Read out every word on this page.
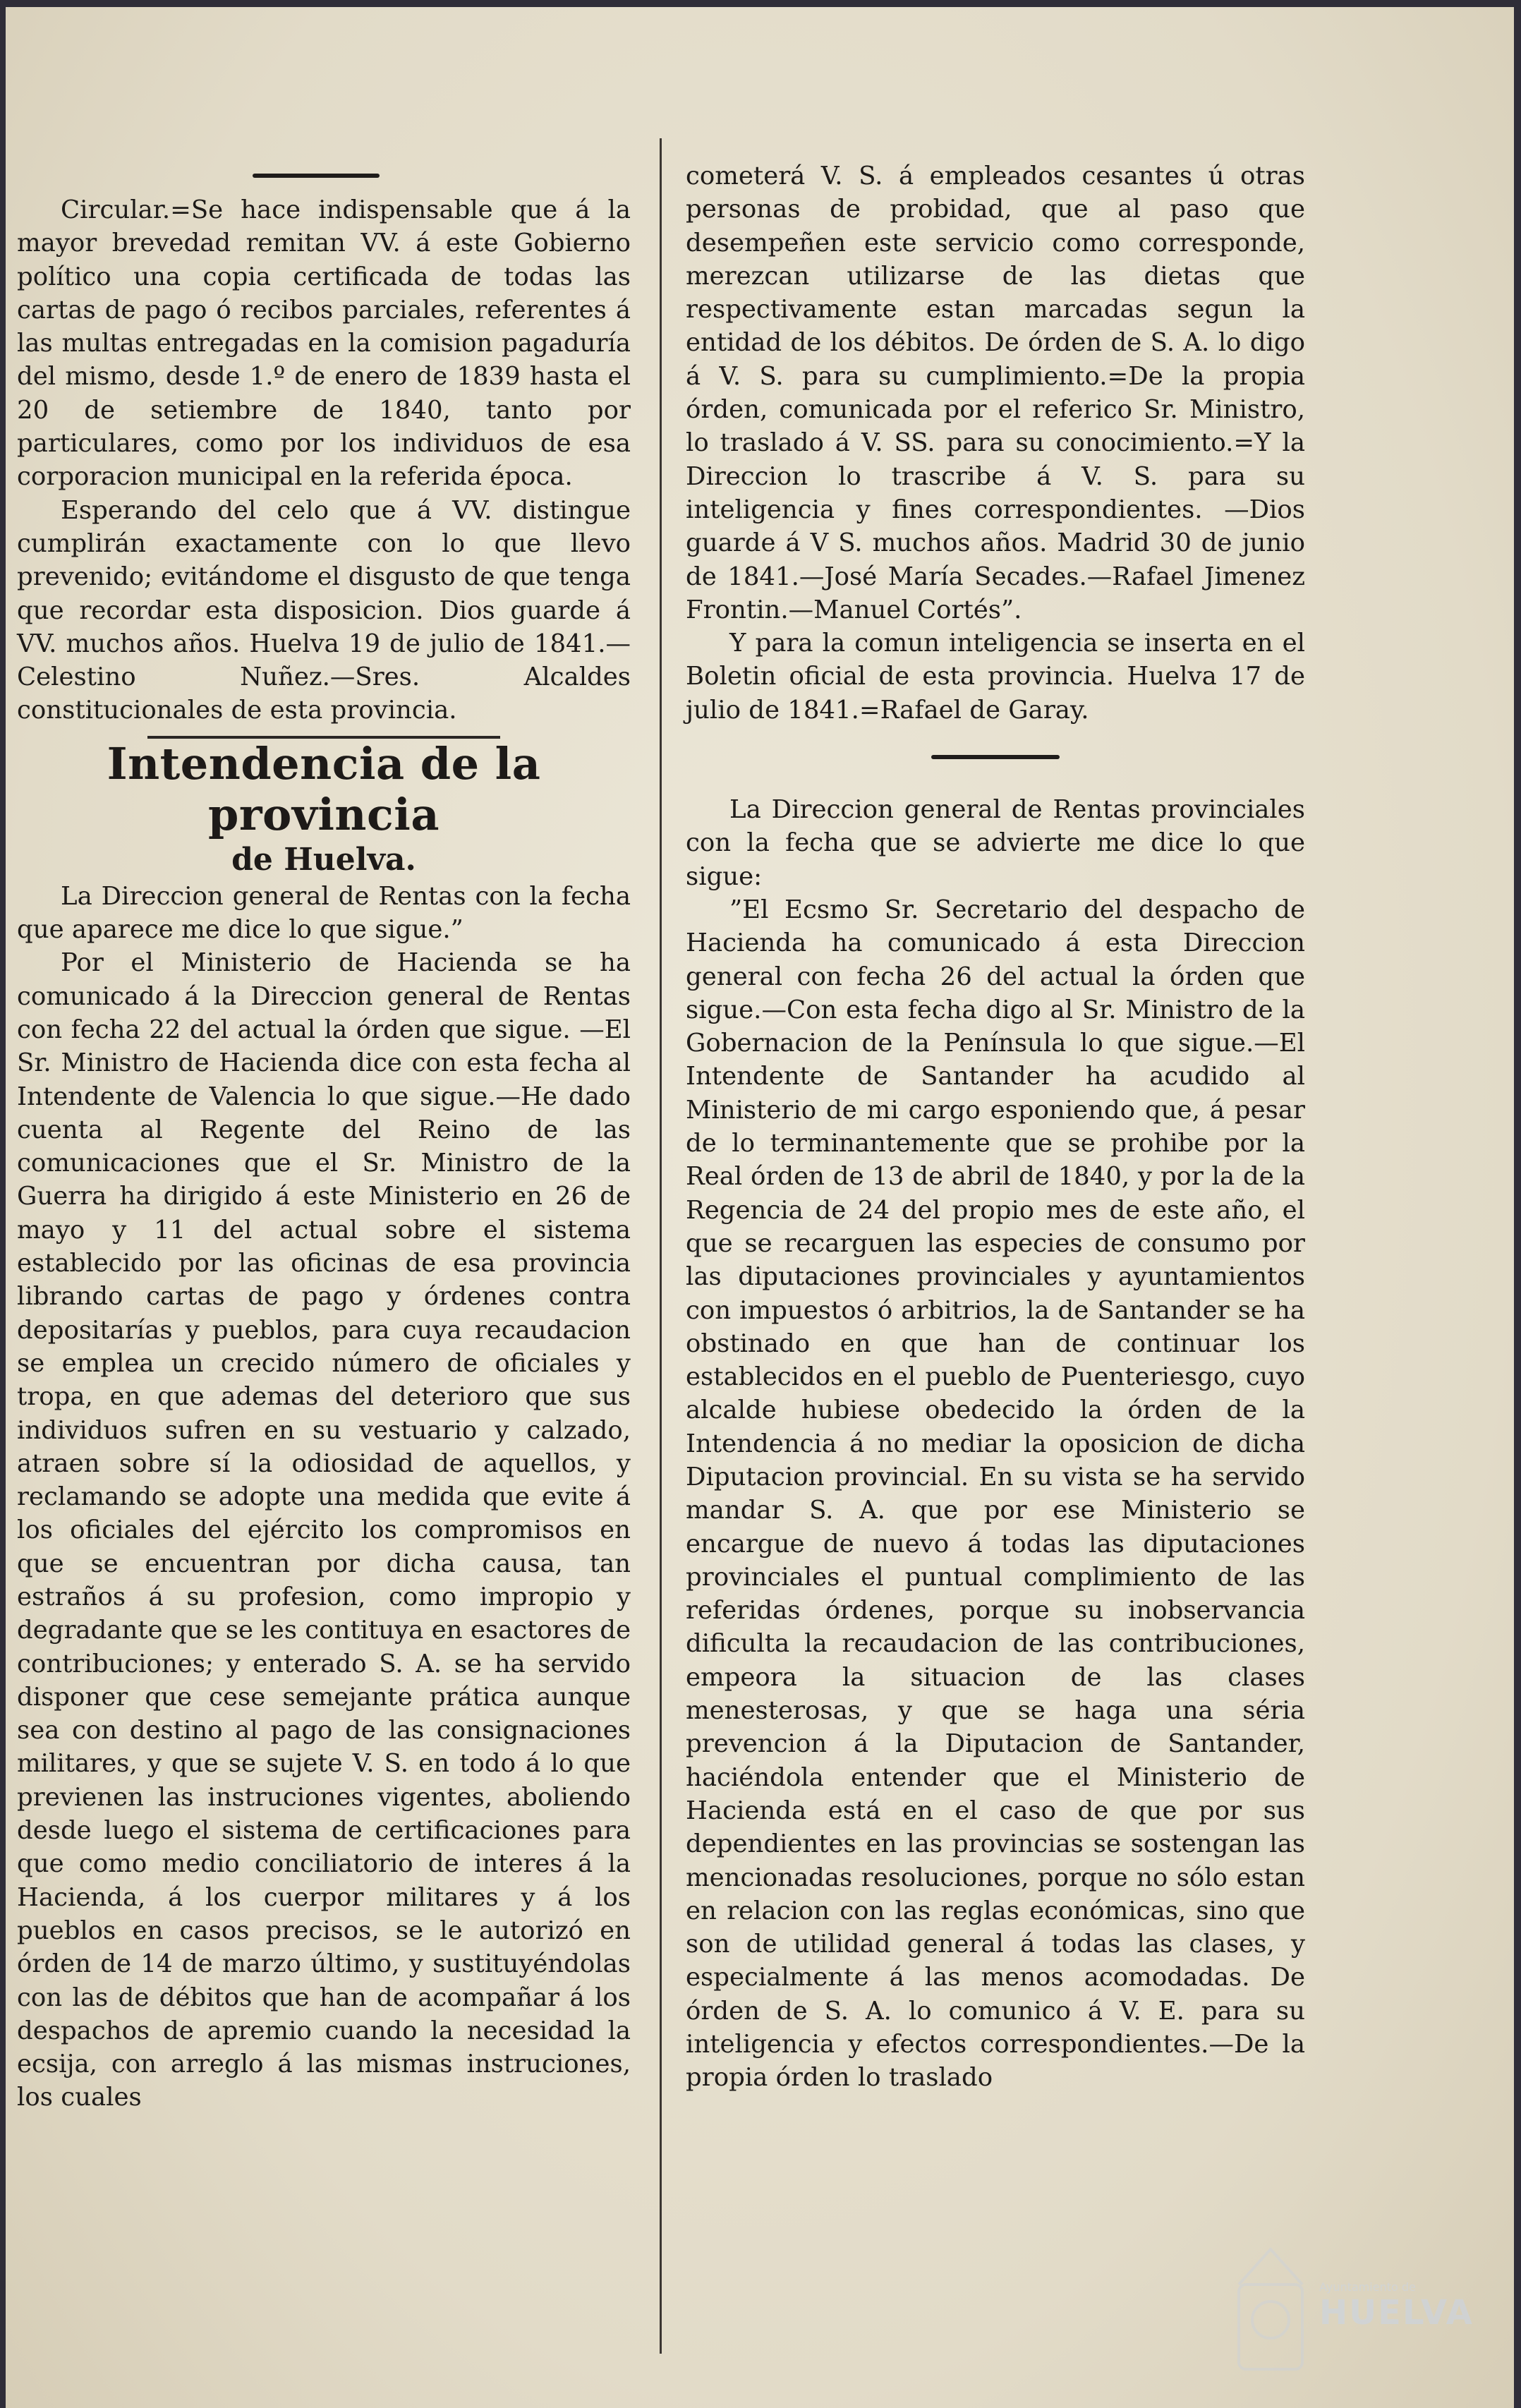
Circular.=Se hace indispensable que á la mayor brevedad remitan VV. á este Gobierno político una copia certificada de todas las cartas de pago ó recibos parciales, referentes á las multas entregadas en la comision pagaduría del mismo, desde 1.º de enero de 1839 hasta el 20 de setiembre de 1840, tanto por particulares, como por los individuos de esa corporacion municipal en la referida época.

Esperando del celo que á VV. distingue cumplirán exactamente con lo que llevo prevenido; evitándome el disgusto de que tenga que recordar esta disposicion. Dios guarde á VV. muchos años. Huelva 19 de julio de 1841.—Celestino Nuñez.—Sres. Alcaldes constitucionales de esta provincia.

Intendencia de la provincia

de Huelva.

La Direccion general de Rentas con la fecha que aparece me dice lo que sigue.”

Por el Ministerio de Hacienda se ha comunicado á la Direccion general de Rentas con fecha 22 del actual la órden que sigue. —El Sr. Ministro de Hacienda dice con esta fecha al Intendente de Valencia lo que sigue.—He dado cuenta al Regente del Reino de las comunicaciones que el Sr. Ministro de la Guerra ha dirigido á este Ministerio en 26 de mayo y 11 del actual sobre el sistema establecido por las oficinas de esa provincia librando cartas de pago y órdenes contra depositarías y pueblos, para cuya recaudacion se emplea un crecido número de oficiales y tropa, en que ademas del deterioro que sus individuos sufren en su vestuario y calzado, atraen sobre sí la odiosidad de aquellos, y reclamando se adopte una medida que evite á los oficiales del ejército los compromisos en que se encuentran por dicha causa, tan estraños á su profesion, como impropio y degradante que se les contituya en esactores de contribuciones; y enterado S. A. se ha servido disponer que cese semejante prática aunque sea con destino al pago de las consignaciones militares, y que se sujete V. S. en todo á lo que previenen las instruciones vigentes, aboliendo desde luego el sistema de certificaciones para que como medio conciliatorio de interes á la Hacienda, á los cuerpor militares y á los pueblos en casos precisos, se le autorizó en órden de 14 de marzo último, y sustituyéndolas con las de débitos que han de acompañar á los despachos de apremio cuando la necesidad la ecsija, con arreglo á las mismas instruciones, los cuales

cometerá V. S. á empleados cesantes ú otras personas de probidad, que al paso que desempeñen este servicio como corresponde, merezcan utilizarse de las dietas que respectivamente estan marcadas segun la entidad de los débitos. De órden de S. A. lo digo á V. S. para su cumplimiento.=De la propia órden, comunicada por el referico Sr. Ministro, lo traslado á V. SS. para su conocimiento.=Y la Direccion lo trascribe á V. S. para su inteligencia y fines correspondientes. —Dios guarde á V S. muchos años. Madrid 30 de junio de 1841.—José María Secades.—Rafael Jimenez Frontin.—Manuel Cortés”.

Y para la comun inteligencia se inserta en el Boletin oficial de esta provincia. Huelva 17 de julio de 1841.=Rafael de Garay.

La Direccion general de Rentas provinciales con la fecha que se advierte me dice lo que sigue:

”El Ecsmo Sr. Secretario del despacho de Hacienda ha comunicado á esta Direccion general con fecha 26 del actual la órden que sigue.—Con esta fecha digo al Sr. Ministro de la Gobernacion de la Península lo que sigue.—El Intendente de Santander ha acudido al Ministerio de mi cargo esponiendo que, á pesar de lo terminantemente que se prohibe por la Real órden de 13 de abril de 1840, y por la de la Regencia de 24 del propio mes de este año, el que se recarguen las especies de consumo por las diputaciones provinciales y ayuntamientos con impuestos ó arbitrios, la de Santander se ha obstinado en que han de continuar los establecidos en el pueblo de Puenteriesgo, cuyo alcalde hubiese obedecido la órden de la Intendencia á no mediar la oposicion de dicha Diputacion provincial. En su vista se ha servido mandar S. A. que por ese Ministerio se encargue de nuevo á todas las diputaciones provinciales el puntual complimiento de las referidas órdenes, porque su inobservancia dificulta la recaudacion de las contribuciones, empeora la situacion de las clases menesterosas, y que se haga una séria prevencion á la Diputacion de Santander, haciéndola entender que el Ministerio de Hacienda está en el caso de que por sus dependientes en las provincias se sostengan las mencionadas resoluciones, porque no sólo estan en relacion con las reglas económicas, sino que son de utilidad general á todas las clases, y especialmente á las menos acomodadas. De órden de S. A. lo comunico á V. E. para su inteligencia y efectos correspondientes.—De la propia órden lo traslado

Ayuntamiento de
HUELVA
